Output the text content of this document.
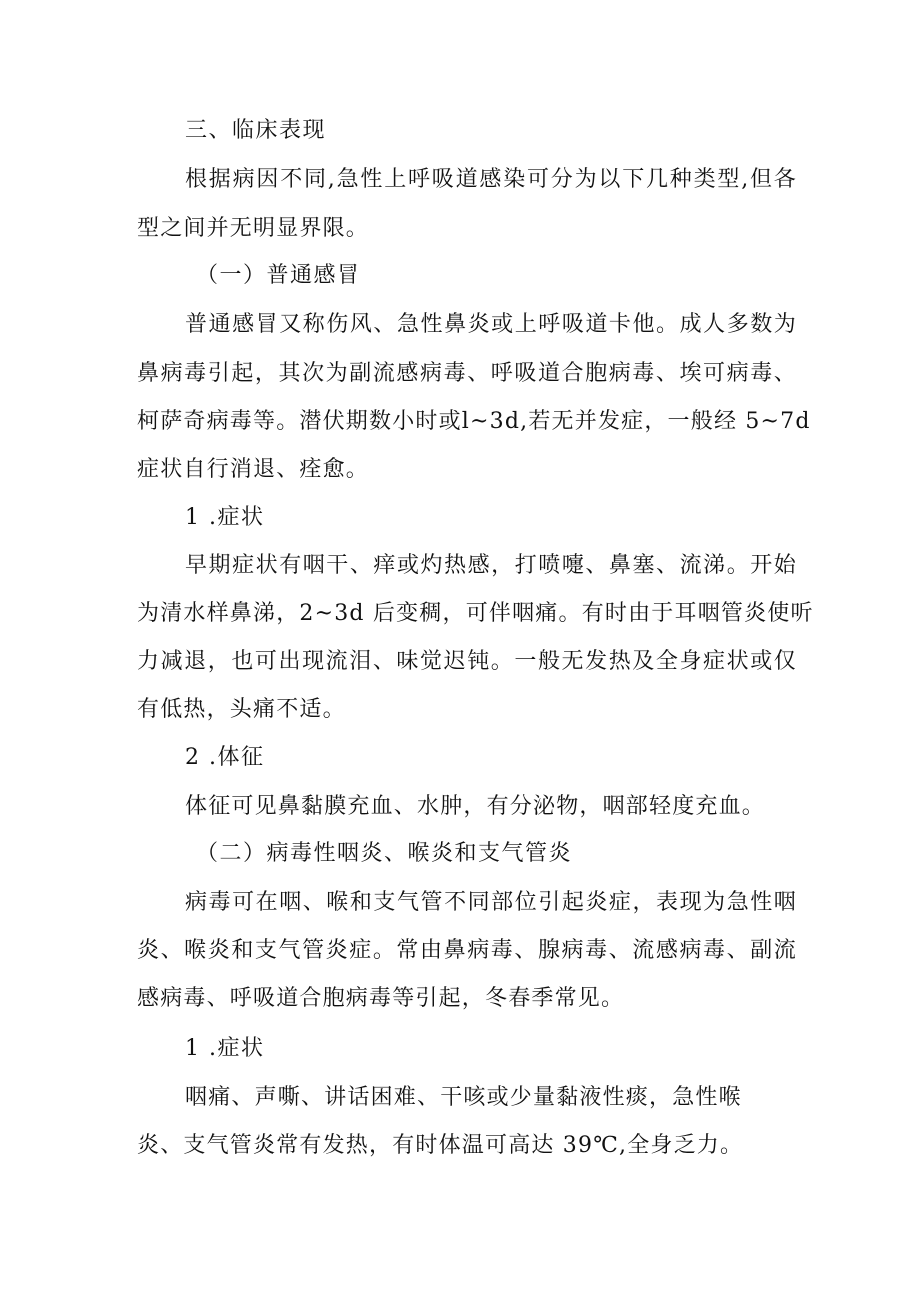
三、临床表现
根据病因不同,急性上呼吸道感染可分为以下几种类型,但各
型之间并无明显界限。
（一）普通感冒
普通感冒又称伤风、急性鼻炎或上呼吸道卡他。成人多数为
鼻病毒引起，其次为副流感病毒、呼吸道合胞病毒、埃可病毒、
柯萨奇病毒等。潜伏期数小时或l~3d,若无并发症，一般经 5~7d
症状自行消退、痊愈。
1 .症状
早期症状有咽干、痒或灼热感，打喷嚏、鼻塞、流涕。开始
为清水样鼻涕，2~3d 后变稠，可伴咽痛。有时由于耳咽管炎使听
力减退，也可出现流泪、味觉迟钝。一般无发热及全身症状或仅
有低热，头痛不适。
2 .体征
体征可见鼻黏膜充血、水肿，有分泌物，咽部轻度充血。
（二）病毒性咽炎、喉炎和支气管炎
病毒可在咽、喉和支气管不同部位引起炎症，表现为急性咽
炎、喉炎和支气管炎症。常由鼻病毒、腺病毒、流感病毒、副流
感病毒、呼吸道合胞病毒等引起，冬春季常见。
1 .症状
咽痛、声嘶、讲话困难、干咳或少量黏液性痰，急性喉
炎、支气管炎常有发热，有时体温可高达 39℃,全身乏力。
